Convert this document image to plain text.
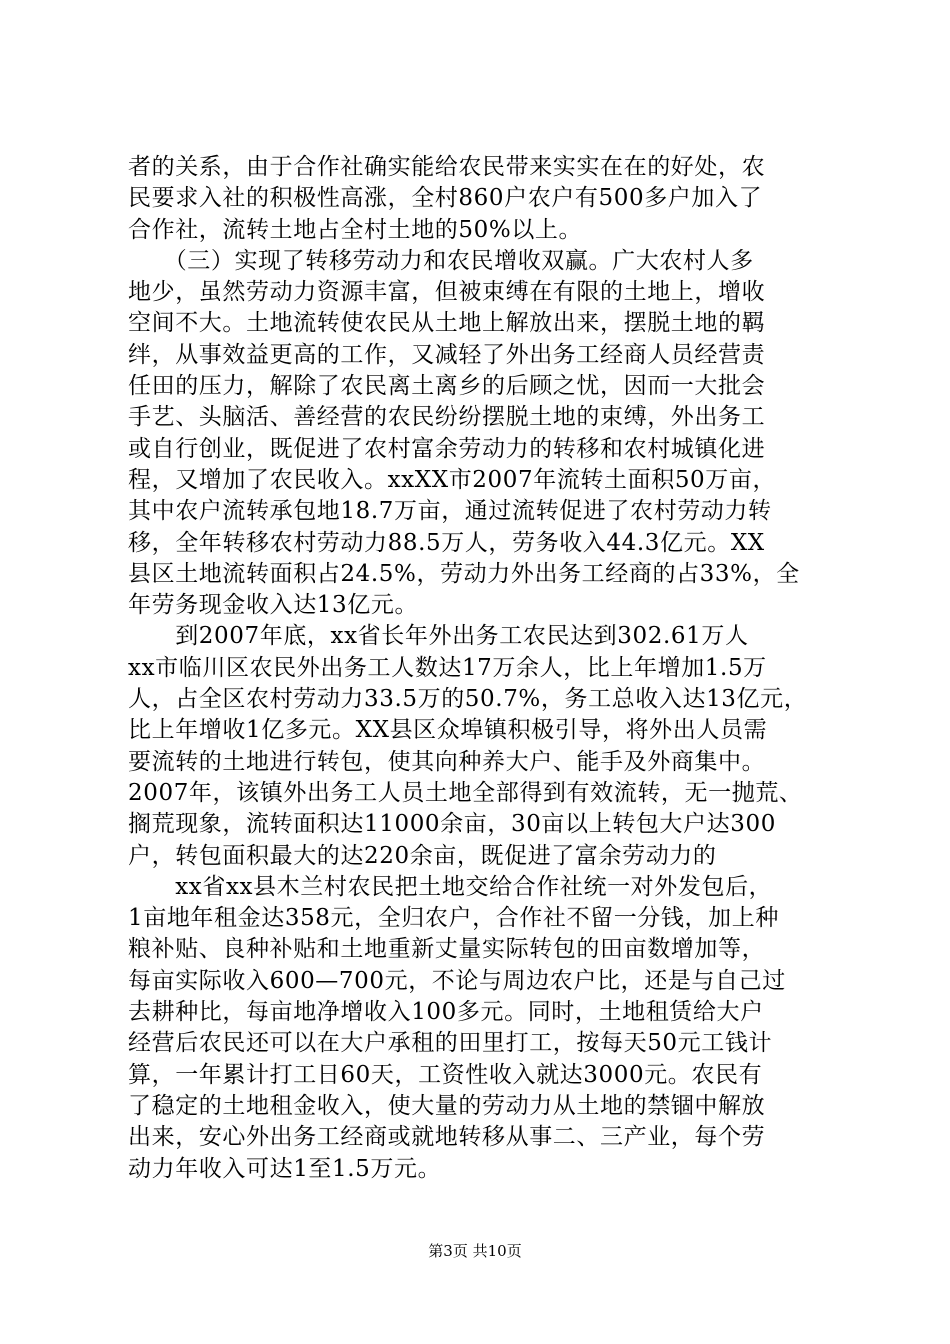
者的关系，由于合作社确实能给农民带来实实在在的好处，农
民要求入社的积极性高涨，全村860户农户有500多户加入了
合作社，流转土地占全村土地的50%以上。
　　（三）实现了转移劳动力和农民增收双赢。广大农村人多
地少，虽然劳动力资源丰富，但被束缚在有限的土地上，增收
空间不大。土地流转使农民从土地上解放出来，摆脱土地的羁
绊，从事效益更高的工作，又减轻了外出务工经商人员经营责
任田的压力，解除了农民离土离乡的后顾之忧，因而一大批会
手艺、头脑活、善经营的农民纷纷摆脱土地的束缚，外出务工
或自行创业，既促进了农村富余劳动力的转移和农村城镇化进
程，又增加了农民收入。xxXX市2007年流转土面积50万亩，
其中农户流转承包地18.7万亩，通过流转促进了农村劳动力转
移，全年转移农村劳动力88.5万人，劳务收入44.3亿元。XX
县区土地流转面积占24.5%，劳动力外出务工经商的占33%，全
年劳务现金收入达13亿元。
　　到2007年底，xx省长年外出务工农民达到302.61万人
xx市临川区农民外出务工人数达17万余人，比上年增加1.5万
人，占全区农村劳动力33.5万的50.7%，务工总收入达13亿元，
比上年增收1亿多元。XX县区众埠镇积极引导，将外出人员需
要流转的土地进行转包，使其向种养大户、能手及外商集中。
2007年，该镇外出务工人员土地全部得到有效流转，无一抛荒、
搁荒现象，流转面积达11000余亩，30亩以上转包大户达300
户，转包面积最大的达220余亩，既促进了富余劳动力的
　　xx省xx县木兰村农民把土地交给合作社统一对外发包后，
1亩地年租金达358元，全归农户，合作社不留一分钱，加上种
粮补贴、良种补贴和土地重新丈量实际转包的田亩数增加等，
每亩实际收入600—700元，不论与周边农户比，还是与自己过
去耕种比，每亩地净增收入100多元。同时，土地租赁给大户
经营后农民还可以在大户承租的田里打工，按每天50元工钱计
算，一年累计打工日60天，工资性收入就达3000元。农民有
了稳定的土地租金收入，使大量的劳动力从土地的禁锢中解放
出来，安心外出务工经商或就地转移从事二、三产业，每个劳
动力年收入可达1至1.5万元。
第3页 共10页
